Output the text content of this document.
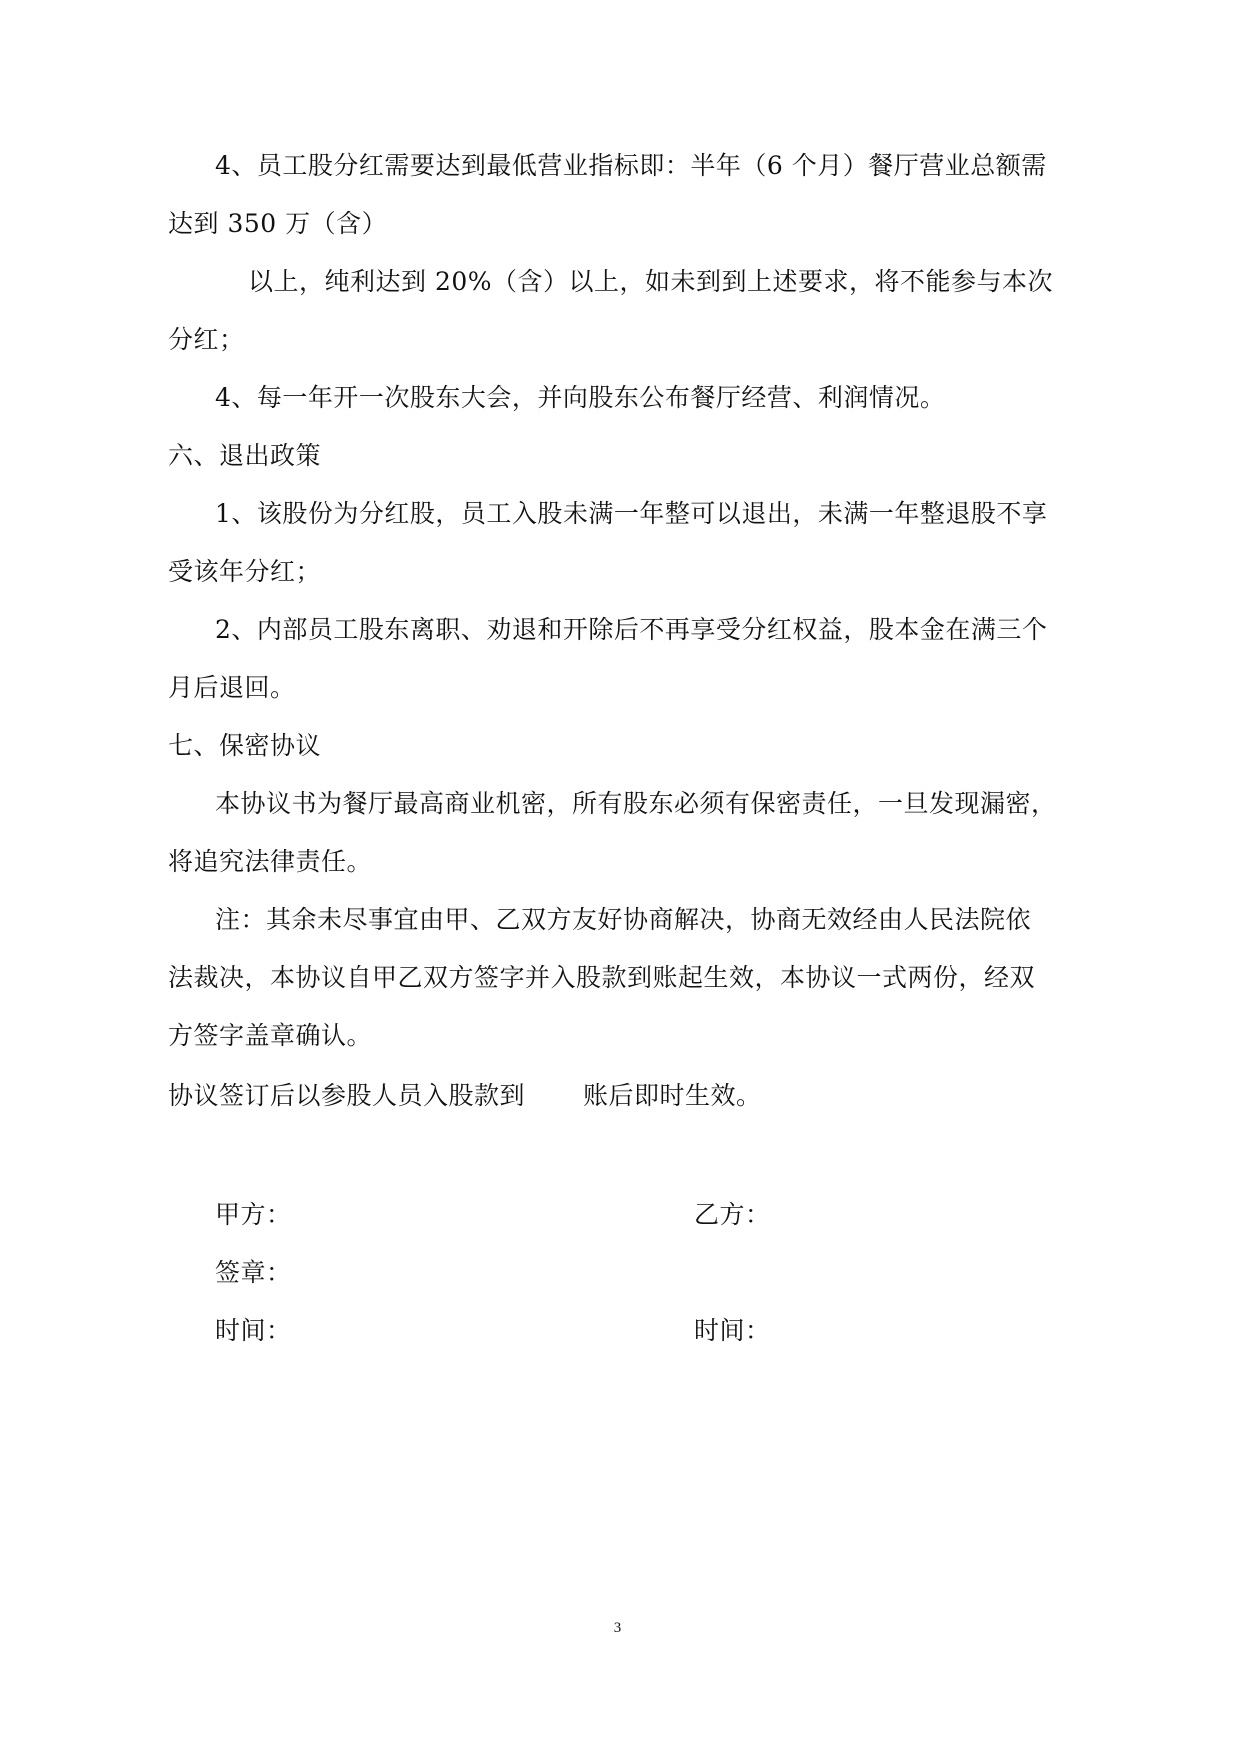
4、员工股分红需要达到最低营业指标即：半年（6 个月）餐厅营业总额需
达到 350 万（含）
以上，纯利达到 20%（含）以上，如未到到上述要求，将不能参与本次
分红；
4、每一年开一次股东大会，并向股东公布餐厅经营、利润情况。
六、退出政策
1、该股份为分红股，员工入股未满一年整可以退出，未满一年整退股不享
受该年分红；
2、内部员工股东离职、劝退和开除后不再享受分红权益，股本金在满三个
月后退回。
七、保密协议
本协议书为餐厅最高商业机密，所有股东必须有保密责任，一旦发现漏密，
将追究法律责任。
注：其余未尽事宜由甲、乙双方友好协商解决，协商无效经由人民法院依
法裁决，本协议自甲乙双方签字并入股款到账起生效，本协议一式两份，经双
方签字盖章确认。
协议签订后以参股人员入股款到 账后即时生效。
甲方：	乙方：
签章：
时间：	时间：
3
